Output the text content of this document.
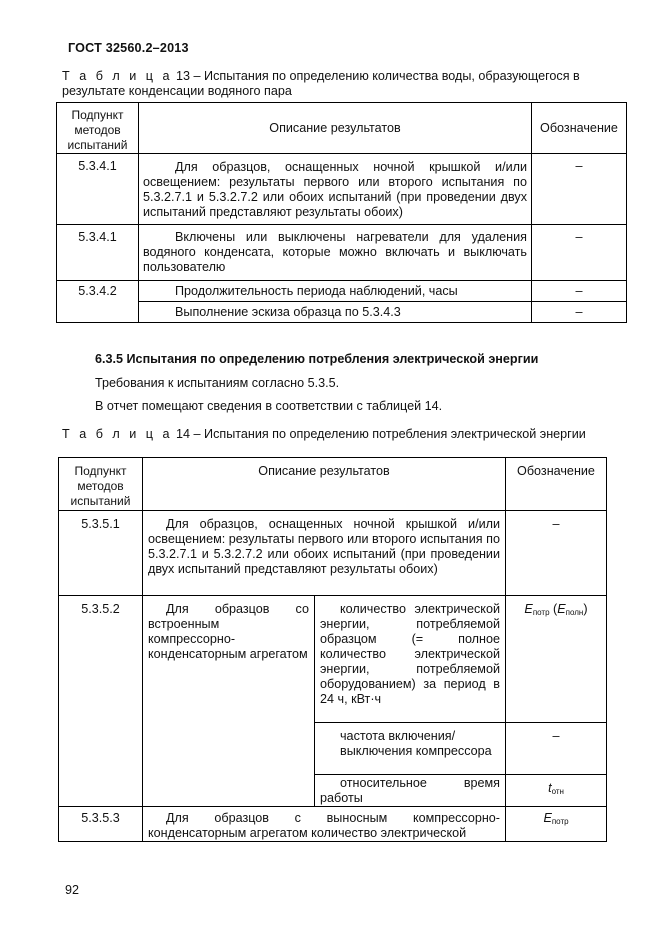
ГОСТ 32560.2–2013
Т а б л и ц а 13 – Испытания по определению количества воды, образующегося в
результате конденсации водяного пара
Подпункт методов испытаний	Описание результатов	Обозначение
5.3.4.1	Для образцов, оснащенных ночной крышкой и/или освещением: результаты первого или второго испытания по 5.3.2.7.1 и 5.3.2.7.2 или обоих испытаний (при проведении двух испытаний представляют результаты обоих)	–
5.3.4.1	Включены или выключены нагреватели для удаления водяного конденсата, которые можно включать и выключать пользователю	–
5.3.4.2	Продолжительность периода наблюдений, часы	–
	Выполнение эскиза образца по 5.3.4.3	–
6.3.5 Испытания по определению потребления электрической энергии
Требования к испытаниям согласно 5.3.5.
В отчет помещают сведения в соответствии с таблицей 14.
Т а б л и ц а 14 – Испытания по определению потребления электрической энергии
Подпункт методов испытаний	Описание результатов		Обозначение
5.3.5.1	Для образцов, оснащенных ночной крышкой и/или освещением: результаты первого или второго испытания по 5.3.2.7.1 и 5.3.2.7.2 или обоих испытаний (при проведении двух испытаний представляют результаты обоих)		–
5.3.5.2	Для образцов со встроенным компрессорно-конденсаторным агрегатом	количество электрической энергии, потребляемой образцом (= полное количество электрической энергии, потребляемой оборудованием) за период в 24 ч, кВт·ч	$E_{потр}$ $(E_{полн})$
		частота включения/выключения компрессора	–
		относительное время работы	$t_{отн}$
5.3.5.3	Для образцов с выносным компрессорно-конденсаторным агрегатом количество электрической		$E_{потр}$
92
